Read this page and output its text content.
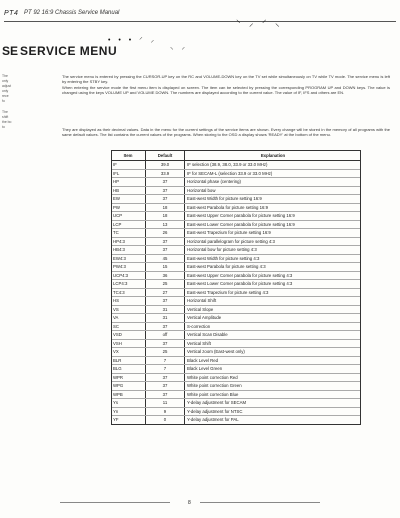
PT4 PT 92 16:9 Chassis Service Manual
⸌ ⸝ ⸍ ⸜
• • • ⸍ ⸝
⸌ ⸍
SE SERVICE MENU
The
only
adjust
only
rece
fo
The
shift
the bo
to
The service menu is entered by pressing the CURSOR-UP key on the RC and VOLUME-DOWN key on the TV set while simultaneously on TV while TV mode. The service menu is left by entering the STBY key.
When entering the service mode the first menu item is displayed on screen. The item can be selected by pressing the corresponding PROGRAM UP and DOWN keys. The value is changed using the keys VOLUME UP and VOLUME DOWN. The numbers are displayed according to the current value. The value of IF, IFS and others are EN.
They are displayed as their decimal values. Data in the menu for the current settings of the service items are shown. Every change will be stored in the memory of all programs with the same default values. The list contains the current values of the programs. When storing to the OSD a display shows 'READY' at the bottom of the menu.
Item	Default	Explanation
IF	39.0	IF selection (38.9, 38.0, 33.9 or 33.0 MHz)
IFL	33.9	IF for SECAM-L (selection 33.9 or 33.0 MHz)
HP	37	Horizontal phase (centering)
HB	37	Horizontal bow
EW	37	East-west Width for picture setting 16:9
PW	18	East-west Parabola for picture setting 16:9
UCP	18	East-west Upper Corner parabola for picture setting 16:9
LCP	13	East-west Lower Corner parabola for picture setting 16:9
TC	26	East-west Trapezium for picture setting 16:9
HP4:3	37	Horizontal parallelogram for picture setting 4:3
HB4:3	37	Horizontal bow for picture setting 4:3
EW4:3	45	East-west Width for picture setting 4:3
PW4:3	15	East-west Parabola for picture setting 4:3
UCP4:3	36	East-west Upper Corner parabola for picture setting 4:3
LCP4:3	25	East-west Lower Corner parabola for picture setting 4:3
TC4:3	27	East-west Trapezium for picture setting 4:3
HS	37	Horizontal Shift
VS	31	Vertical Slope
VA	31	Vertical Amplitude
SC	37	S-correction
VSD	off	Vertical Scan Disable
VSH	37	Vertical Shift
VX	25	Vertical zoom (East-west only)
BLR	7	Black Level Red
BLG	7	Black Level Green
WPR	37	White point correction Red
WPG	37	White point correction Green
WPB	37	White point correction Blue
Ys	11	Y-delay adjustment for SECAM
Yn	9	Y-delay adjustment for NTSC
YF	0	Y-delay adjustment for PAL
8
